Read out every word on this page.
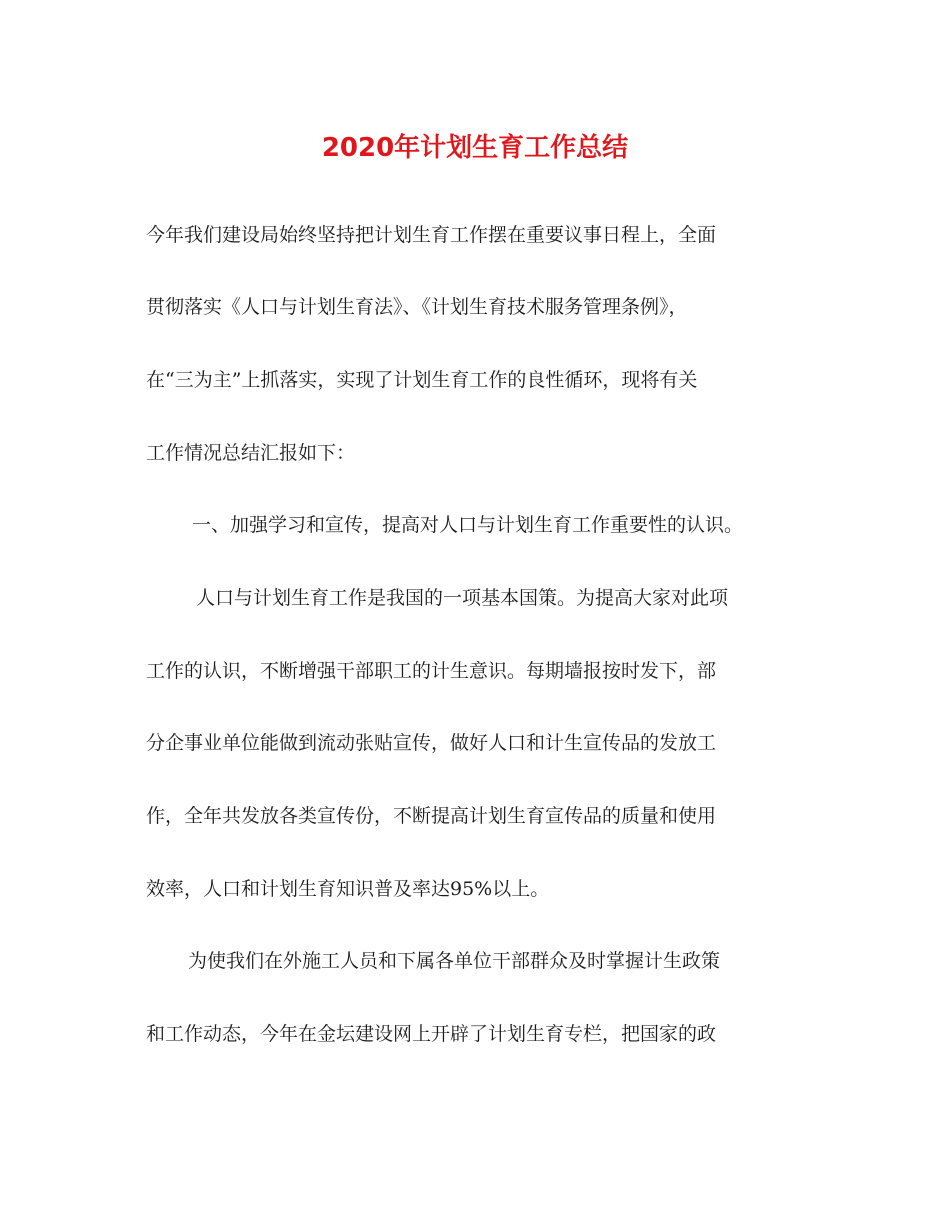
2020年计划生育工作总结

今年我们建设局始终坚持把计划生育工作摆在重要议事日程上，全面

贯彻落实《人口与计划生育法》、《计划生育技术服务管理条例》，

在“三为主”上抓落实，实现了计划生育工作的良性循环，现将有关

工作情况总结汇报如下：

一、加强学习和宣传，提高对人口与计划生育工作重要性的认识。

人口与计划生育工作是我国的一项基本国策。为提高大家对此项

工作的认识，不断增强干部职工的计生意识。每期墙报按时发下，部

分企事业单位能做到流动张贴宣传，做好人口和计生宣传品的发放工

作，全年共发放各类宣传份，不断提高计划生育宣传品的质量和使用

效率，人口和计划生育知识普及率达95%以上。

为使我们在外施工人员和下属各单位干部群众及时掌握计生政策

和工作动态，今年在金坛建设网上开辟了计划生育专栏，把国家的政
